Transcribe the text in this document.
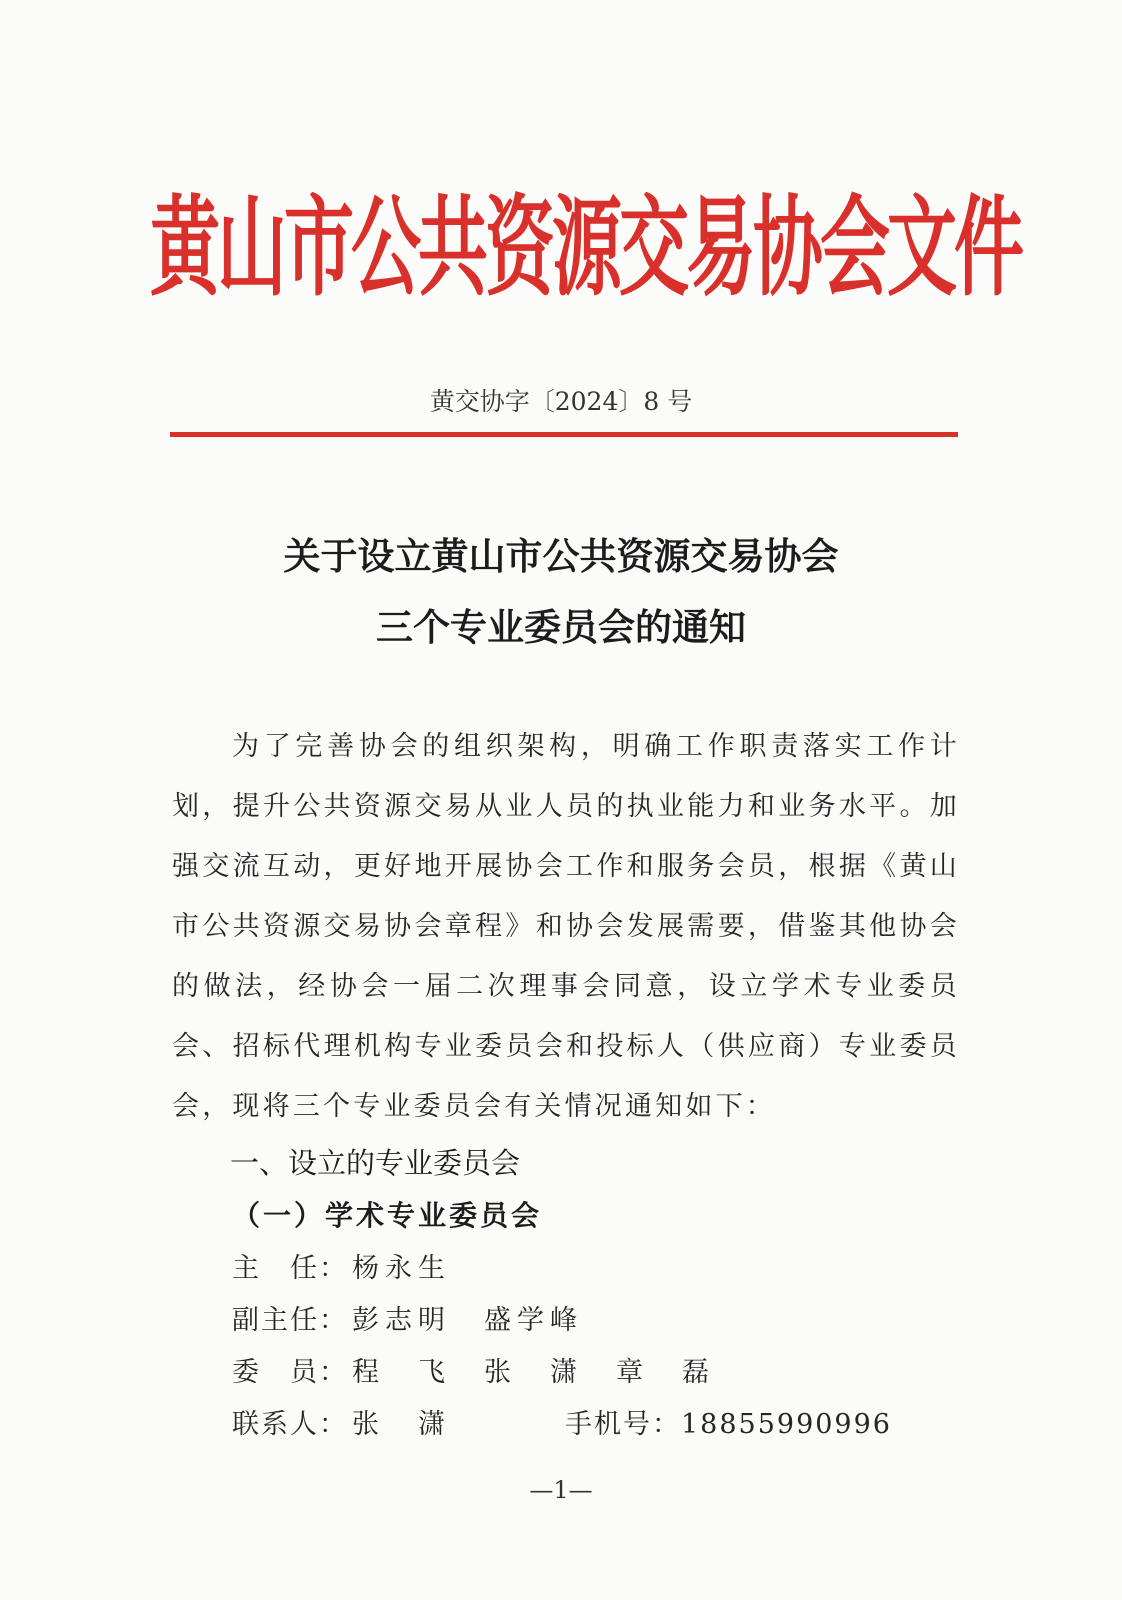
黄山市公共资源交易协会文件
黄交协字〔2024〕8 号
关于设立黄山市公共资源交易协会
三个专业委员会的通知

为了完善协会的组织架构，明确工作职责落实工作计划，提升公共资源交易从业人员的执业能力和业务水平。加强交流互动，更好地开展协会工作和服务会员，根据《黄山市公共资源交易协会章程》和协会发展需要，借鉴其他协会的做法，经协会一届二次理事会同意，设立学术专业委员会、招标代理机构专业委员会和投标人（供应商）专业委员会，现将三个专业委员会有关情况通知如下：

一、设立的专业委员会
（一）学术专业委员会
主　任： 杨永生
副主任： 彭志明　盛学峰
委　员： 程　飞　张　潇　章　磊
联系人： 张　潇	手机号：18855990996
—1—
